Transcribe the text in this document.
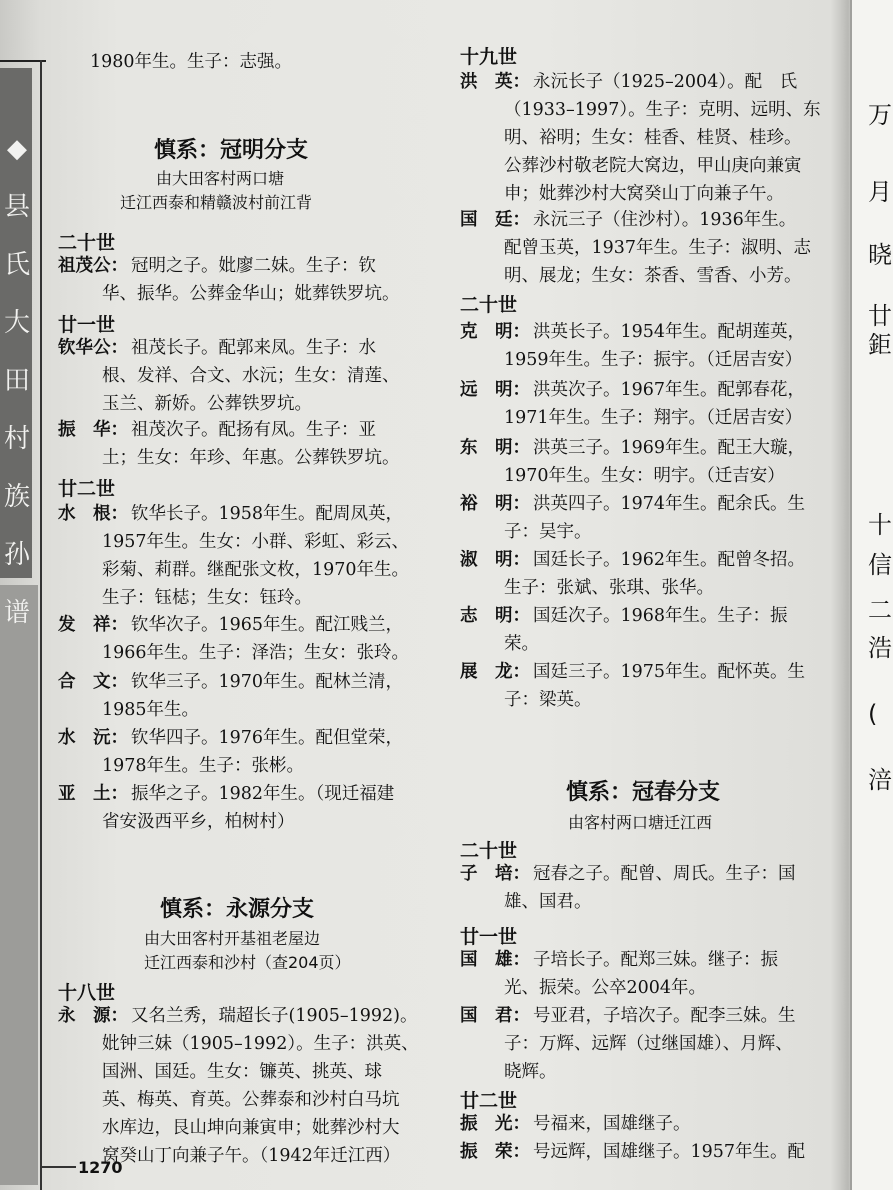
◆
县
氏
大
田
村
族
孙
谱
万
月
晓
廿
鉅
十
信
二
浩
(
涪
1980年生。生子：志强。
慎系：冠明分支
由大田客村两口塘
迁江西泰和精赣波村前江背
二十世
祖茂公： 冠明之子。妣廖二妹。生子：钦
华、振华。公葬金华山；妣葬铁罗坑。
廿一世
钦华公： 祖茂长子。配郭来凤。生子：水
根、发祥、合文、水沅；生女：清莲、
玉兰、新娇。公葬铁罗坑。
振　华： 祖茂次子。配扬有凤。生子：亚
土；生女：年珍、年惠。公葬铁罗坑。
廿二世
水　根： 钦华长子。1958年生。配周凤英，
1957年生。生女：小群、彩虹、彩云、
彩菊、莉群。继配张文枚，1970年生。
生子：钰梽；生女：钰玲。
发　祥： 钦华次子。1965年生。配江贱兰，
1966年生。生子：泽浩；生女：张玲。
合　文： 钦华三子。1970年生。配林兰清，
1985年生。
水　沅： 钦华四子。1976年生。配但堂荣，
1978年生。生子：张彬。
亚　土： 振华之子。1982年生。（现迁福建
省安汲西平乡，柏树村）
慎系：永源分支
由大田客村开基祖老屋边
迁江西泰和沙村（查204页）
十八世
永　源： 又名兰秀，瑞超长子(1905–1992)。
妣钟三妹（1905–1992）。生子：洪英、
国洲、国廷。生女：镰英、挑英、球
英、梅英、育英。公葬泰和沙村白马坑
水库边，艮山坤向兼寅申；妣葬沙村大
窝癸山丁向兼子午。（1942年迁江西）
1270
十九世
洪　英： 永沅长子（1925–2004）。配　氏
（1933–1997）。生子：克明、远明、东
明、裕明；生女：桂香、桂贤、桂珍。
公葬沙村敬老院大窝边，甲山庚向兼寅
申；妣葬沙村大窝癸山丁向兼子午。
国　廷： 永沅三子（住沙村）。1936年生。
配曾玉英，1937年生。生子：淑明、志
明、展龙；生女：茶香、雪香、小芳。
二十世
克　明： 洪英长子。1954年生。配胡莲英，
1959年生。生子：振宇。（迁居吉安）
远　明： 洪英次子。1967年生。配郭春花，
1971年生。生子：翔宇。（迁居吉安）
东　明： 洪英三子。1969年生。配王大璇，
1970年生。生女：明宇。（迁吉安）
裕　明： 洪英四子。1974年生。配余氏。生
子：吴宇。
淑　明： 国廷长子。1962年生。配曾冬招。
生子：张斌、张琪、张华。
志　明： 国廷次子。1968年生。生子：振
荣。
展　龙： 国廷三子。1975年生。配怀英。生
子：梁英。
慎系：冠春分支
由客村两口塘迁江西
二十世
子　培： 冠春之子。配曾、周氏。生子：国
雄、国君。
廿一世
国　雄： 子培长子。配郑三妹。继子：振
光、振荣。公卒2004年。
国　君： 号亚君，子培次子。配李三妹。生
子：万辉、远辉（过继国雄）、月辉、
晓辉。
廿二世
振　光： 号福来，国雄继子。
振　荣： 号远辉，国雄继子。1957年生。配
